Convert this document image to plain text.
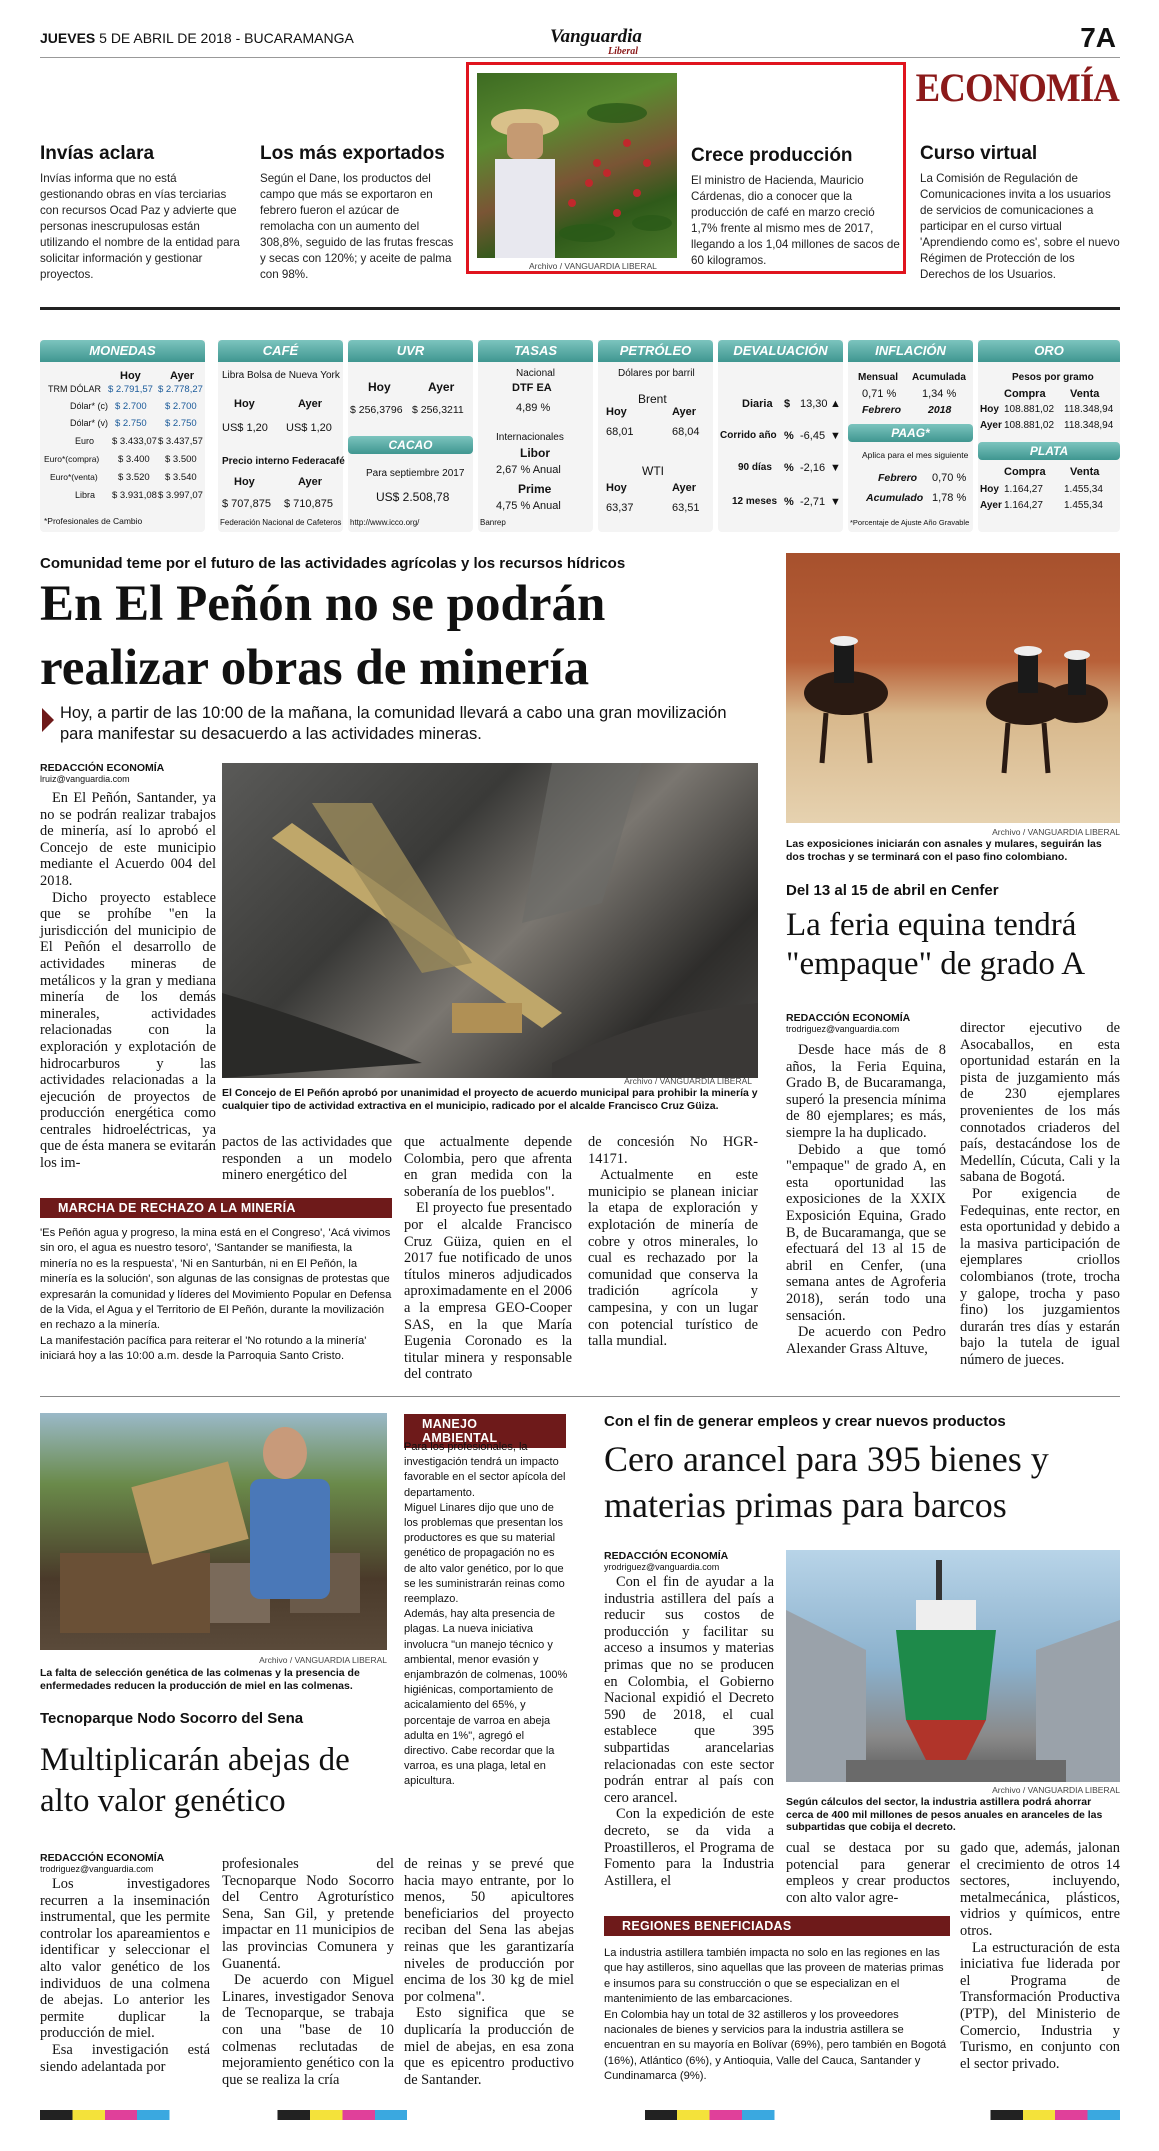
JUEVES 5 DE ABRIL DE 2018 - BUCARAMANGA	Vanguardia
Liberal	7A
ECONOMÍA
Invías aclara

Invías informa que no está gestionando obras en vías terciarias con recursos Ocad Paz y advierte que personas inescrupulosas están utilizando el nombre de la entidad para solicitar información y gestionar proyectos.

Los más exportados

Según el Dane, los productos del campo que más se exportaron en febrero fueron el azúcar de remolacha con un aumento del 308,8%, seguido de las frutas frescas y secas con 120%; y aceite de palma con 98%.

Archivo / VANGUARDIA LIBERAL
Crece producción

El ministro de Hacienda, Mauricio Cárdenas, dio a conocer que la producción de café en marzo creció 1,7% frente al mismo mes de 2017, llegando a los 1,04 millones de sacos de 60 kilogramos.

Curso virtual

La Comisión de Regulación de Comunicaciones invita a los usuarios de servicios de comunicaciones a participar en el curso virtual 'Aprendiendo como es', sobre el nuevo Régimen de Protección de los Derechos de los Usuarios.

MONEDAS
Hoy	Ayer
TRM DÓLAR $ 2.791,57 $ 2.778,27
Dólar* (c) $ 2.700 $ 2.700
Dólar* (v) $ 2.750 $ 2.750
Euro $ 3.433,07 $ 3.437,57
Euro*(compra) $ 3.400 $ 3.500
Euro*(venta) $ 3.520 $ 3.540
Libra $ 3.931,08 $ 3.997,07
*Profesionales de Cambio
CAFÉ
Libra Bolsa de Nueva York
Hoy	Ayer
US$ 1,20 US$ 1,20
Precio interno Federacafé
Hoy	Ayer
$ 707,875 $ 710,875
Federación Nacional de Cafeteros
UVR
Hoy	Ayer
$ 256,3796 $ 256,3211
CACAO
Para septiembre 2017
US$ 2.508,78
http://www.icco.org/
TASAS
Nacional
DTF EA
4,89 %
Internacionales
Libor
2,67 % Anual
Prime
4,75 % Anual
Banrep
PETRÓLEO
Dólares por barril
Brent
Hoy	Ayer
68,01	68,04
WTI
Hoy	Ayer
63,37	63,51
DEVALUACIÓN
Diaria $ 13,30 ▲
Corrido año % -6,45 ▼
90 días % -2,16 ▼
12 meses % -2,71 ▼
INFLACIÓN
Mensual Acumulada
0,71 % 1,34 %
Febrero	2018
PAAG*
Aplica para el mes siguiente
Febrero 0,70 %
Acumulado 1,78 %
*Porcentaje de Ajuste Año Gravable
ORO
Pesos por gramo
Compra Venta
Hoy 108.881,02 118.348,94
Ayer 108.881,02 118.348,94
PLATA
Compra Venta
Hoy 1.164,27 1.455,34
Ayer 1.164,27 1.455,34
Comunidad teme por el futuro de las actividades agrícolas y los recursos hídricos
En El Peñón no se podrán realizar obras de minería
Hoy, a partir de las 10:00 de la mañana, la comunidad llevará a cabo una gran movilización para manifestar su desacuerdo a las actividades mineras.
REDACCIÓN ECONOMÍA
lruiz@vanguardia.com

En El Peñón, Santander, ya no se podrán realizar trabajos de minería, así lo aprobó el Concejo de este municipio mediante el Acuerdo 004 del 2018.

Dicho proyecto establece que se prohíbe "en la jurisdicción del municipio de El Peñón el desarrollo de actividades mineras de metálicos y la gran y mediana minería de los demás minerales, actividades relacionadas con la exploración y explotación de hidrocarburos y las actividades relacionadas a la ejecución de proyectos de producción energética como centrales hidroeléctricas, ya que de ésta manera se evitarán los im-

Archivo / VANGUARDIA LIBERAL
El Concejo de El Peñón aprobó por unanimidad el proyecto de acuerdo municipal para prohibir la minería y cualquier tipo de actividad extractiva en el municipio, radicado por el alcalde Francisco Cruz Güiza.

pactos de las actividades que responden a un modelo minero energético del

que actualmente depende Colombia, pero que afrenta en gran medida con la soberanía de los pueblos".

El proyecto fue presentado por el alcalde Francisco Cruz Güiza, quien en el 2017 fue notificado de unos títulos mineros adjudicados aproximadamente en el 2006 a la empresa GEO-Cooper SAS, en la que María Eugenia Coronado es la titular minera y responsable del contrato

de concesión No HGR-14171.

Actualmente en este municipio se planean iniciar la etapa de exploración y explotación de minería de cobre y otros minerales, lo cual es rechazado por la comunidad que conserva la tradición agrícola y campesina, y con un lugar con potencial turístico de talla mundial.

MARCHA DE RECHAZO A LA MINERÍA

'Es Peñón agua y progreso, la mina está en el Congreso', 'Acá vivimos sin oro, el agua es nuestro tesoro', 'Santander se manifiesta, la minería no es la respuesta', 'Ni en Santurbán, ni en El Peñón, la minería es la solución', son algunas de las consignas de protestas que expresarán la comunidad y líderes del Movimiento Popular en Defensa de la Vida, el Agua y el Territorio de El Peñón, durante la movilización en rechazo a la minería.

La manifestación pacífica para reiterar el 'No rotundo a la minería' iniciará hoy a las 10:00 a.m. desde la Parroquia Santo Cristo.

Archivo / VANGUARDIA LIBERAL
Las exposiciones iniciarán con asnales y mulares, seguirán las dos trochas y se terminará con el paso fino colombiano.
Del 13 al 15 de abril en Cenfer
La feria equina tendrá "empaque" de grado A
REDACCIÓN ECONOMÍA
trodriguez@vanguardia.com

Desde hace más de 8 años, la Feria Equina, Grado B, de Bucaramanga, superó la presencia mínima de 80 ejemplares; es más, siempre la ha duplicado.

Debido a que tomó "empaque" de grado A, en esta oportunidad las exposiciones de la XXIX Exposición Equina, Grado B, de Bucaramanga, que se efectuará del 13 al 15 de abril en Cenfer, (una semana antes de Agroferia 2018), serán todo una sensación.

De acuerdo con Pedro Alexander Grass Altuve,

director ejecutivo de Asocaballos, en esta oportunidad estarán en la pista de juzgamiento más de 230 ejemplares provenientes de los más connotados criaderos del país, destacándose los de Medellín, Cúcuta, Cali y la sabana de Bogotá.

Por exigencia de Fedequinas, ente rector, en esta oportunidad y debido a la masiva participación de ejemplares criollos colombianos (trote, trocha y galope, trocha y paso fino) los juzgamientos durarán tres días y estarán bajo la tutela de igual número de jueces.

Archivo / VANGUARDIA LIBERAL
La falta de selección genética de las colmenas y la presencia de enfermedades reducen la producción de miel en las colmenas.
Tecnoparque Nodo Socorro del Sena
Multiplicarán abejas de alto valor genético
REDACCIÓN ECONOMÍA
trodriguez@vanguardia.com

Los investigadores recurren a la inseminación instrumental, que les permite controlar los apareamientos e identificar y seleccionar el alto valor genético de los individuos de una colmena de abejas. Lo anterior les permite duplicar la producción de miel.

Esa investigación está siendo adelantada por

profesionales del Tecnoparque Nodo Socorro del Centro Agroturístico Sena, San Gil, y pretende impactar en 11 municipios de las provincias Comunera y Guanentá.

De acuerdo con Miguel Linares, investigador Senova de Tecnoparque, se trabaja con una "base de 10 colmenas reclutadas de mejoramiento genético con la que se realiza la cría

de reinas y se prevé que hacia mayo entrante, por lo menos, 50 apicultores beneficiarios del proyecto reciban del Sena las abejas reinas que les garantizaría niveles de producción por encima de los 30 kg de miel por colmena".

Esto significa que se duplicaría la producción de miel de abejas, en esa zona que es epicentro productivo de Santander.

MANEJO AMBIENTAL

Para los profesionales, la investigación tendrá un impacto favorable en el sector apícola del departamento.

Miguel Linares dijo que uno de los problemas que presentan los productores es que su material genético de propagación no es de alto valor genético, por lo que se les suministrarán reinas como reemplazo.

Además, hay alta presencia de plagas. La nueva iniciativa involucra "un manejo técnico y ambiental, menor evasión y enjambrazón de colmenas, 100% higiénicas, comportamiento de acicalamiento del 65%, y porcentaje de varroa en abeja adulta en 1%", agregó el directivo. Cabe recordar que la varroa, es una plaga, letal en apicultura.

Con el fin de generar empleos y crear nuevos productos
Cero arancel para 395 bienes y materias primas para barcos
REDACCIÓN ECONOMÍA
yrodriguez@vanguardia.com

Con el fin de ayudar a la industria astillera del país a reducir sus costos de producción y facilitar su acceso a insumos y materias primas que no se producen en Colombia, el Gobierno Nacional expidió el Decreto 590 de 2018, el cual establece que 395 subpartidas arancelarias relacionadas con este sector podrán entrar al país con cero arancel.

Con la expedición de este decreto, se da vida a Proastilleros, el Programa de Fomento para la Industria Astillera, el

Archivo / VANGUARDIA LIBERAL
Según cálculos del sector, la industria astillera podrá ahorrar cerca de 400 mil millones de pesos anuales en aranceles de las subpartidas que cobija el decreto.

cual se destaca por su potencial para generar empleos y crear productos con alto valor agre-

gado que, además, jalonan el crecimiento de otros 14 sectores, incluyendo, metalmecánica, plásticos, vidrios y químicos, entre otros.

La estructuración de esta iniciativa fue liderada por el Programa de Transformación Productiva (PTP), del Ministerio de Comercio, Industria y Turismo, en conjunto con el sector privado.

REGIONES BENEFICIADAS

La industria astillera también impacta no solo en las regiones en las que hay astilleros, sino aquellas que las proveen de materias primas e insumos para su construcción o que se especializan en el mantenimiento de las embarcaciones.

En Colombia hay un total de 32 astilleros y los proveedores nacionales de bienes y servicios para la industria astillera se encuentran en su mayoría en Bolívar (69%), pero también en Bogotá (16%), Atlántico (6%), y Antioquia, Valle del Cauca, Santander y Cundinamarca (9%).
